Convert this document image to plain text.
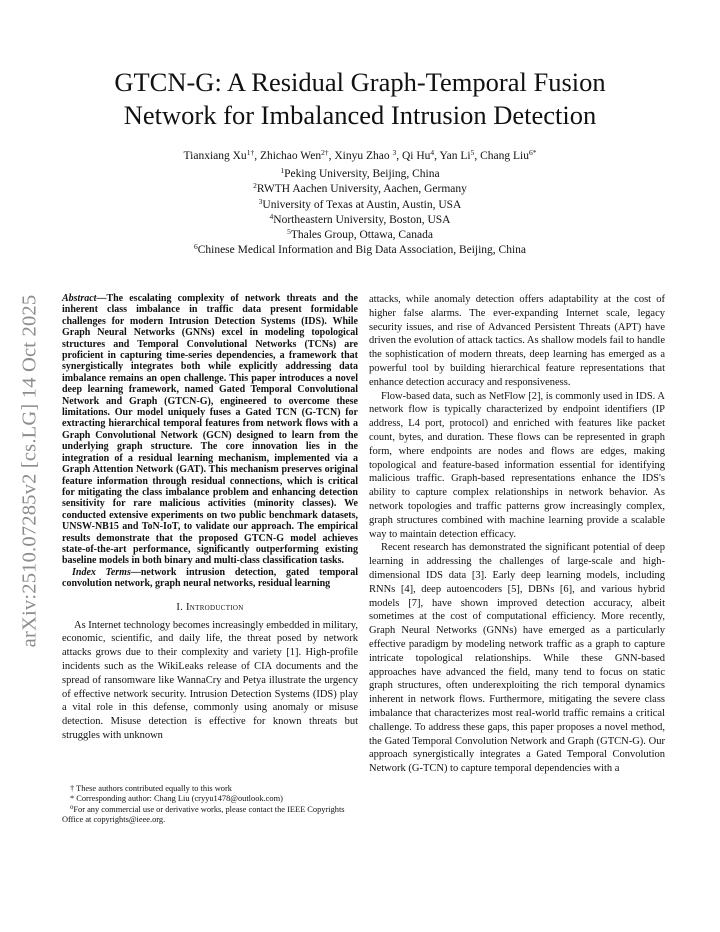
arXiv:2510.07285v2 [cs.LG] 14 Oct 2025
GTCN-G: A Residual Graph-Temporal Fusion
Network for Imbalanced Intrusion Detection
Tianxiang $Xu^{1\dagger}$, Zhichao Wen$^{2\dagger}$, Xinyu Zhao $^3$, Qi Hu$^4$, Yan Li$^5$, Chang Liu$^{6*}$
$^1$Peking University, Beijing, China
$^2$RWTH Aachen University, Aachen, Germany
$^3$University of Texas at Austin, Austin, USA
$^4$Northeastern University, Boston, USA
$^5$Thales Group, Ottawa, Canada
$^6$Chinese Medical Information and Big Data Association, Beijing, China

Abstract—The escalating complexity of network threats and the inherent class imbalance in traffic data present formidable challenges for modern Intrusion Detection Systems (IDS). While Graph Neural Networks (GNNs) excel in modeling topological structures and Temporal Convolutional Networks (TCNs) are proficient in capturing time-series dependencies, a framework that synergistically integrates both while explicitly addressing data imbalance remains an open challenge. This paper introduces a novel deep learning framework, named Gated Temporal Convolutional Network and Graph (GTCN-G), engineered to overcome these limitations. Our model uniquely fuses a Gated TCN (G-TCN) for extracting hierarchical temporal features from network flows with a Graph Convolutional Network (GCN) designed to learn from the underlying graph structure. The core innovation lies in the integration of a residual learning mechanism, implemented via a Graph Attention Network (GAT). This mechanism preserves original feature information through residual connections, which is critical for mitigating the class imbalance problem and enhancing detection sensitivity for rare malicious activities (minority classes). We conducted extensive experiments on two public benchmark datasets, UNSW-NB15 and ToN-IoT, to validate our approach. The empirical results demonstrate that the proposed GTCN-G model achieves state-of-the-art performance, significantly outperforming existing baseline models in both binary and multi-class classification tasks.

Index Terms—network intrusion detection, gated temporal convolution network, graph neural networks, residual learning

I. Introduction

As Internet technology becomes increasingly embedded in military, economic, scientific, and daily life, the threat posed by network attacks grows due to their complexity and variety [1]. High-profile incidents such as the WikiLeaks release of CIA documents and the spread of ransomware like WannaCry and Petya illustrate the urgency of effective network security. Intrusion Detection Systems (IDS) play a vital role in this defense, commonly using anomaly or misuse detection. Misuse detection is effective for known threats but struggles with unknown

† These authors contributed equally to this work
* Corresponding author: Chang Liu (cryyu1478@outlook.com)
⁰For any commercial use or derivative works, please contact the IEEE Copyrights Office at copyrights@ieee.org.

attacks, while anomaly detection offers adaptability at the cost of higher false alarms. The ever-expanding Internet scale, legacy security issues, and rise of Advanced Persistent Threats (APT) have driven the evolution of attack tactics. As shallow models fail to handle the sophistication of modern threats, deep learning has emerged as a powerful tool by building hierarchical feature representations that enhance detection accuracy and responsiveness.

Flow-based data, such as NetFlow [2], is commonly used in IDS. A network flow is typically characterized by endpoint identifiers (IP address, L4 port, protocol) and enriched with features like packet count, bytes, and duration. These flows can be represented in graph form, where endpoints are nodes and flows are edges, making topological and feature-based information essential for identifying malicious traffic. Graph-based representations enhance the IDS's ability to capture complex relationships in network behavior. As network topologies and traffic patterns grow increasingly complex, graph structures combined with machine learning provide a scalable way to maintain detection efficacy.

Recent research has demonstrated the significant potential of deep learning in addressing the challenges of large-scale and high-dimensional IDS data [3]. Early deep learning models, including RNNs [4], deep autoencoders [5], DBNs [6], and various hybrid models [7], have shown improved detection accuracy, albeit sometimes at the cost of computational efficiency. More recently, Graph Neural Networks (GNNs) have emerged as a particularly effective paradigm by modeling network traffic as a graph to capture intricate topological relationships. While these GNN-based approaches have advanced the field, many tend to focus on static graph structures, often underexploiting the rich temporal dynamics inherent in network flows. Furthermore, mitigating the severe class imbalance that characterizes most real-world traffic remains a critical challenge. To address these gaps, this paper proposes a novel method, the Gated Temporal Convolution Network and Graph (GTCN-G). Our approach synergistically integrates a Gated Temporal Convolution Network (G-TCN) to capture temporal dependencies with a
